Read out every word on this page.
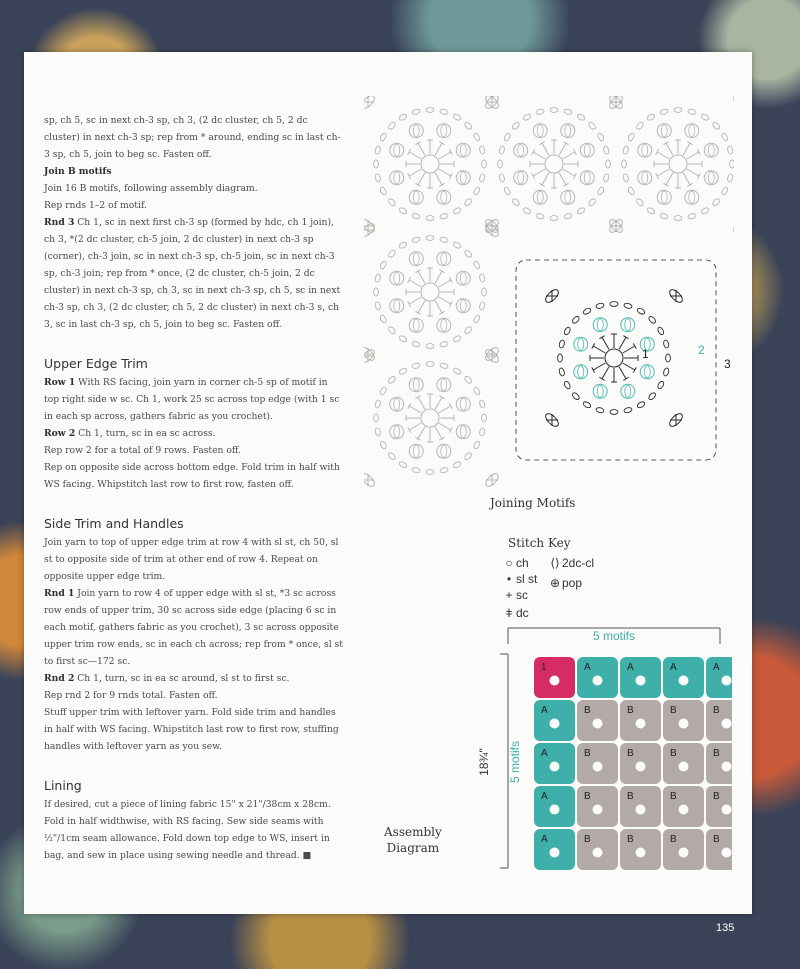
sp, ch 5, sc in next ch-3 sp, ch 3, (2 dc cluster, ch 5, 2 dc cluster) in next ch-3 sp; rep from * around, ending sc in last ch-3 sp, ch 5, join to beg sc. Fasten off.

Join B motifs

Join 16 B motifs, following assembly diagram.

Rep rnds 1–2 of motif.

Rnd 3 Ch 1, sc in next first ch-3 sp (formed by hdc, ch 1 join), ch 3, *(2 dc cluster, ch-5 join, 2 dc cluster) in next ch-3 sp (corner), ch-3 join, sc in next ch-3 sp, ch-5 join, sc in next ch-3 sp, ch-3 join; rep from * once, (2 dc cluster, ch-5 join, 2 dc cluster) in next ch-3 sp, ch 3, sc in next ch-3 sp, ch 5, sc in next ch-3 sp, ch 3, (2 dc cluster, ch 5, 2 dc cluster) in next ch-3 s, ch 3, sc in last ch-3 sp, ch 5, join to beg sc. Fasten off.

Upper Edge Trim

Row 1 With RS facing, join yarn in corner ch-5 sp of motif in top right side w sc. Ch 1, work 25 sc across top edge (with 1 sc in each sp across, gathers fabric as you crochet).

Row 2 Ch 1, turn, sc in ea sc across.

Rep row 2 for a total of 9 rows. Fasten off.

Rep on opposite side across bottom edge. Fold trim in half with WS facing. Whipstitch last row to first row, fasten off.

Side Trim and Handles

Join yarn to top of upper edge trim at row 4 with sl st, ch 50, sl st to opposite side of trim at other end of row 4. Repeat on opposite upper edge trim.

Rnd 1 Join yarn to row 4 of upper edge with sl st, *3 sc across row ends of upper trim, 30 sc across side edge (placing 6 sc in each motif, gathers fabric as you crochet), 3 sc across opposite upper trim row ends, sc in each ch across; rep from * once, sl st to first sc—172 sc.

Rnd 2 Ch 1, turn, sc in ea sc around, sl st to first sc.

Rep rnd 2 for 9 rnds total. Fasten off.

Stuff upper trim with leftover yarn. Fold side trim and handles in half with WS facing. Whipstitch last row to first row, stuffing handles with leftover yarn as you sew.

Lining

If desired, cut a piece of lining fabric 15" x 21"/38cm x 28cm. Fold in half widthwise, with RS facing. Sew side seams with ½"/1cm seam allowance. Fold down top edge to WS, insert in bag, and sew in place using sewing needle and thread. ■

1	2
3
Joining Motifs
Stitch Key
○ ch
• sl st
+ sc
ǂ dc
⟨⟩ 2dc-cl
⊕ pop
Assembly
Diagram
5 motifs
18¾" 5 motifs
1	A	A	A	A
A	B	B	B	B
A	B	B	B	B
A	B	B	B	B
A	B	B	B	B
135
